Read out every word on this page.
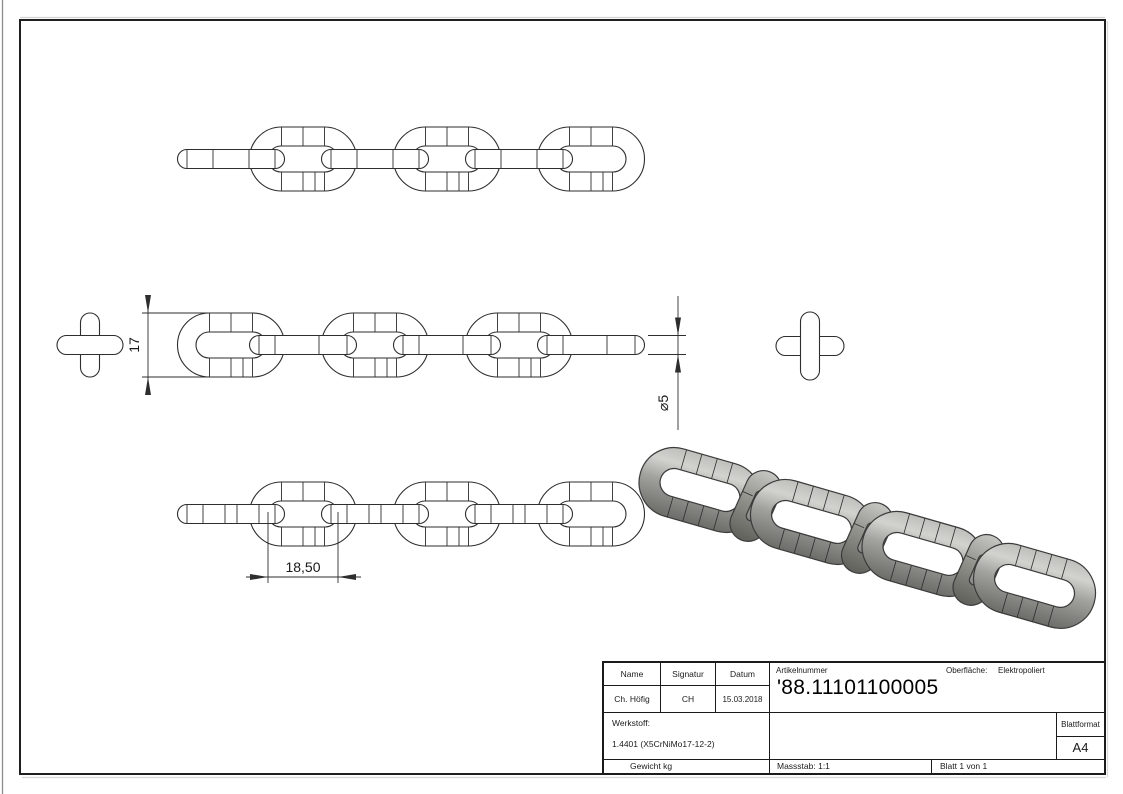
17
⌀5
18,50
Name	Signatur	Datum
Ch. Höfig	CH	15.03.2018
Artikelnummer	Oberfläche: Elektropoliert
'88.11101100005
Werkstoff:
1.4401 (X5CrNiMo17-12-2)
Blattformat
A4
Gewicht kg	Massstab: 1:1	Blatt 1 von 1
